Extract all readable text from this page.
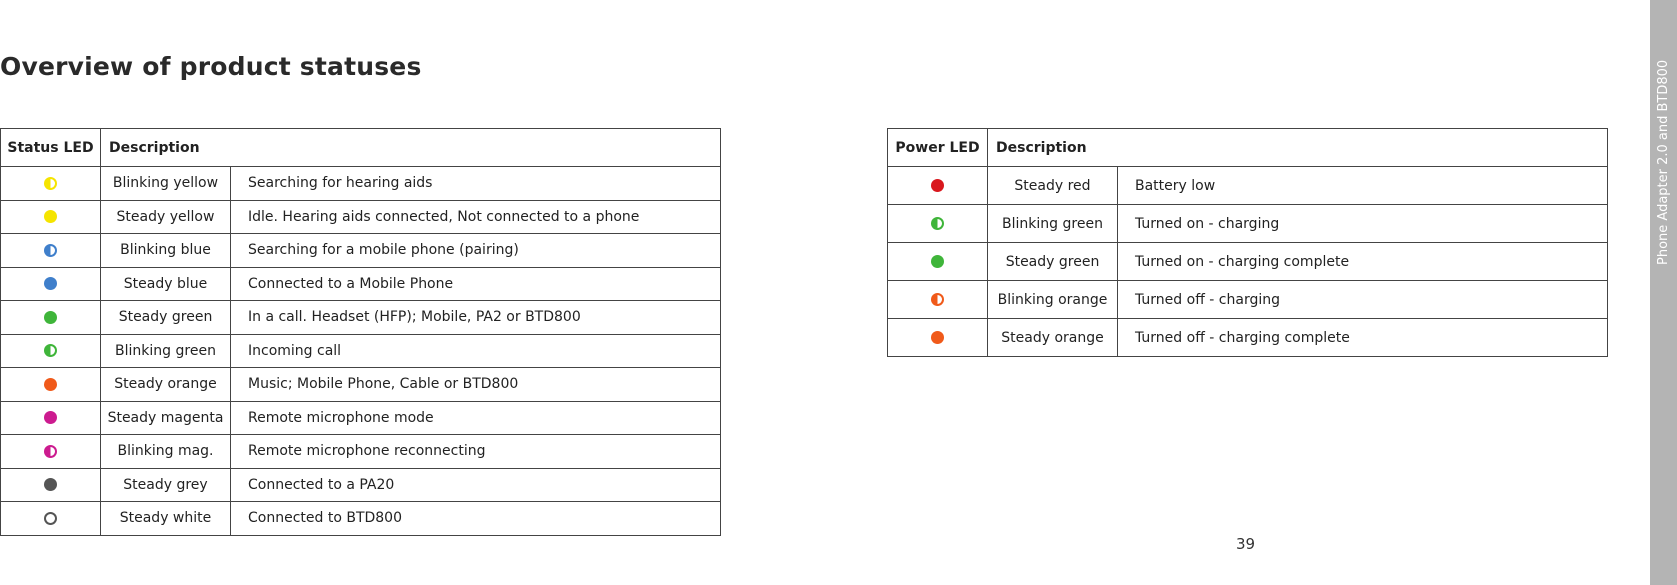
Overview of product statuses
Status LED	Description	
	Blinking yellow	Searching for hearing aids
	Steady yellow	Idle. Hearing aids connected, Not connected to a phone
	Blinking blue	Searching for a mobile phone (pairing)
	Steady blue	Connected to a Mobile Phone
	Steady green	In a call. Headset (HFP); Mobile, PA2 or BTD800
	Blinking green	Incoming call
	Steady orange	Music; Mobile Phone, Cable or BTD800
	Steady magenta	Remote microphone mode
	Blinking mag.	Remote microphone reconnecting
	Steady grey	Connected to a PA20
	Steady white	Connected to BTD800
Power LED	Description	
	Steady red	Battery low
	Blinking green	Turned on - charging
	Steady green	Turned on - charging complete
	Blinking orange	Turned off - charging
	Steady orange	Turned off - charging complete
39
Phone Adapter 2.0 and BTD800
